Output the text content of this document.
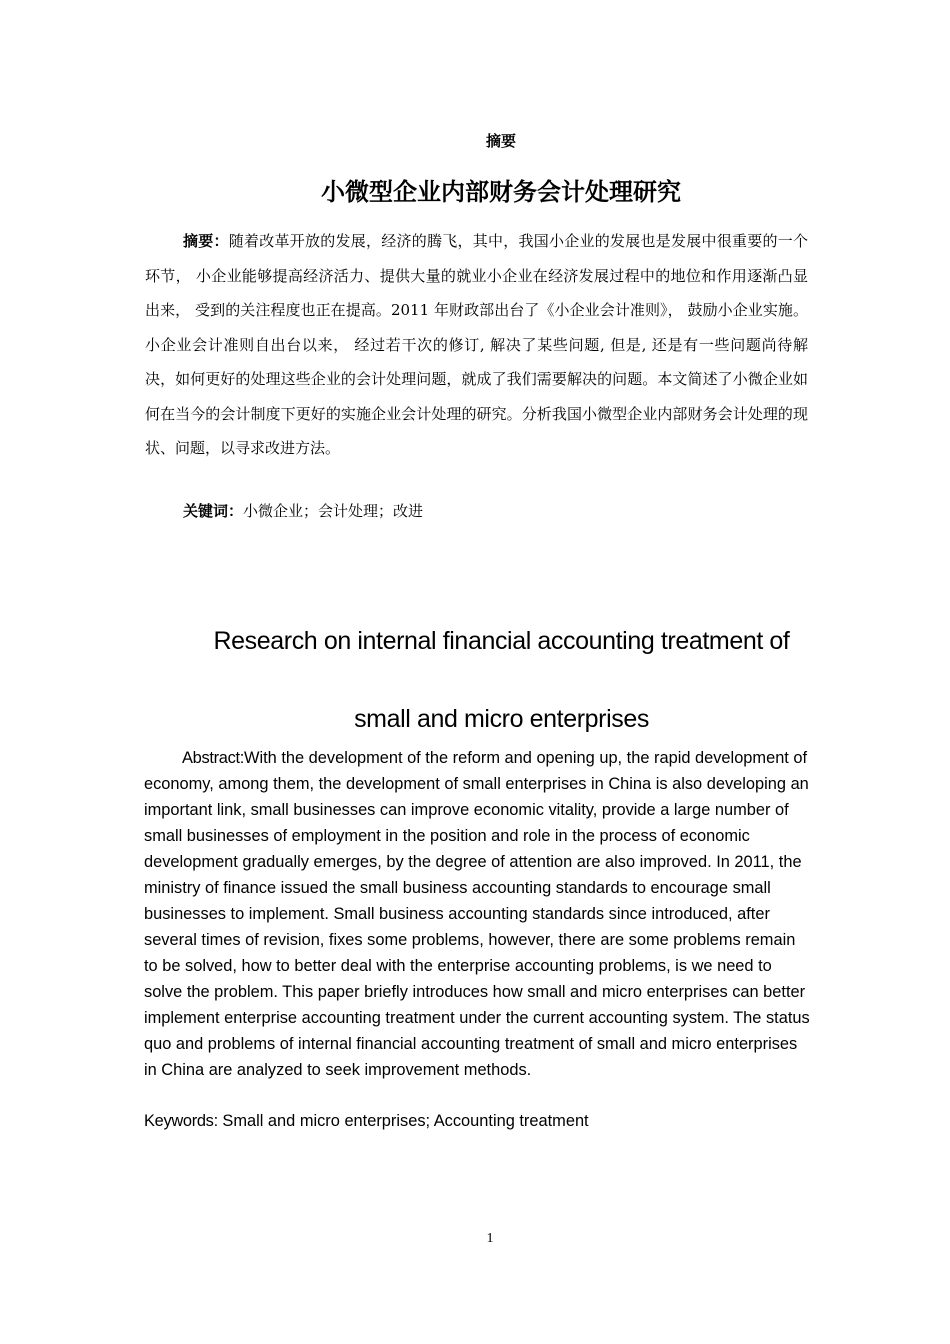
摘要
小微型企业内部财务会计处理研究

摘要：随着改革开放的发展，经济的腾飞，其中，我国小企业的发展也是发展中很重要的一个环节， 小企业能够提高经济活力、提供大量的就业小企业在经济发展过程中的地位和作用逐渐凸显出来， 受到的关注程度也正在提高。2011 年财政部出台了《小企业会计准则》， 鼓励小企业实施。小企业会计准则自出台以来， 经过若干次的修订, 解决了某些问题, 但是, 还是有一些问题尚待解决，如何更好的处理这些企业的会计处理问题，就成了我们需要解决的问题。本文简述了小微企业如何在当今的会计制度下更好的实施企业会计处理的研究。分析我国小微型企业内部财务会计处理的现状、问题，以寻求改进方法。

关键词：小微企业；会计处理；改进

Research on internal financial accounting treatment of
small and micro enterprises

Abstract:With the development of the reform and opening up, the rapid development of economy, among them, the development of small enterprises in China is also developing an important link, small businesses can improve economic vitality, provide a large number of small businesses of employment in the position and role in the process of economic development gradually emerges, by the degree of attention are also improved. In 2011, the ministry of finance issued the small business accounting standards to encourage small businesses to implement. Small business accounting standards since introduced, after several times of revision, fixes some problems, however, there are some problems remain to be solved, how to better deal with the enterprise accounting problems, is we need to solve the problem. This paper briefly introduces how small and micro enterprises can better implement enterprise accounting treatment under the current accounting system. The status quo and problems of internal financial accounting treatment of small and micro enterprises in China are analyzed to seek improvement methods.

Keywords: Small and micro enterprises; Accounting treatment

1
